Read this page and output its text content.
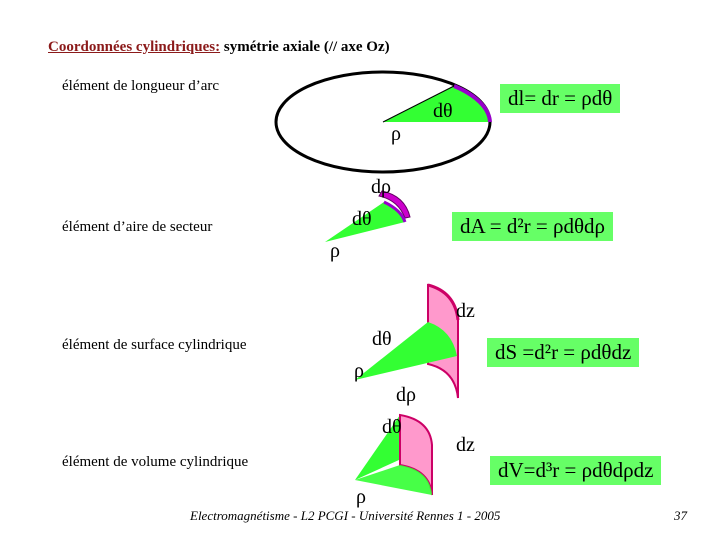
Coordonnées cylindriques: symétrie axiale (// axe Oz)
élément de longueur d’arc
élément d’aire de secteur
élément de surface cylindrique
élément de volume cylindrique
dθ
ρ
dρ
dθ
ρ
dz
dθ
ρ
dρ
dθ
dz
ρ
dl= dr = ρdθ
dA = d²r = ρdθdρ
dS =d²r = ρdθdz
dV=d³r = ρdθdρdz
Electromagnétisme - L2 PCGI - Université Rennes 1 - 2005	37
